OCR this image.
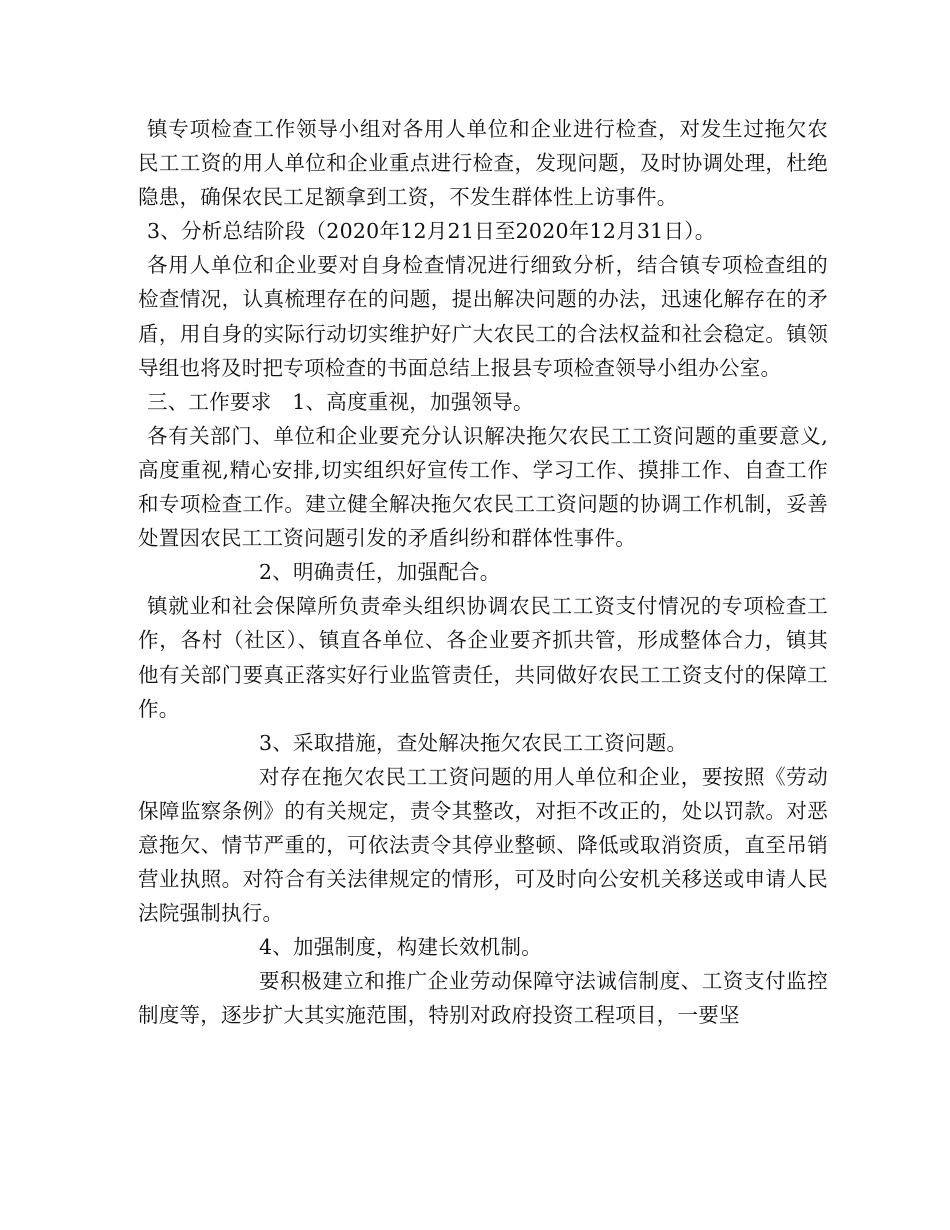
镇专项检查工作领导小组对各用人单位和企业进行检查，对发生过拖欠农民工工资的用人单位和企业重点进行检查，发现问题，及时协调处理，杜绝隐患，确保农民工足额拿到工资，不发生群体性上访事件。

3、分析总结阶段（2020年12月21日至2020年12月31日）。

各用人单位和企业要对自身检查情况进行细致分析，结合镇专项检查组的检查情况，认真梳理存在的问题，提出解决问题的办法，迅速化解存在的矛盾，用自身的实际行动切实维护好广大农民工的合法权益和社会稳定。镇领导组也将及时把专项检查的书面总结上报县专项检查领导小组办公室。

三、工作要求　1、高度重视，加强领导。

各有关部门、单位和企业要充分认识解决拖欠农民工工资问题的重要意义,高度重视,精心安排,切实组织好宣传工作、学习工作、摸排工作、自查工作和专项检查工作。建立健全解决拖欠农民工工资问题的协调工作机制，妥善处置因农民工工资问题引发的矛盾纠纷和群体性事件。

2、明确责任，加强配合。

镇就业和社会保障所负责牵头组织协调农民工工资支付情况的专项检查工作，各村（社区）、镇直各单位、各企业要齐抓共管，形成整体合力，镇其他有关部门要真正落实好行业监管责任，共同做好农民工工资支付的保障工作。

3、采取措施，查处解决拖欠农民工工资问题。

对存在拖欠农民工工资问题的用人单位和企业，要按照《劳动保障监察条例》的有关规定，责令其整改，对拒不改正的，处以罚款。对恶意拖欠、情节严重的，可依法责令其停业整顿、降低或取消资质，直至吊销营业执照。对符合有关法律规定的情形，可及时向公安机关移送或申请人民法院强制执行。

4、加强制度，构建长效机制。

要积极建立和推广企业劳动保障守法诚信制度、工资支付监控制度等，逐步扩大其实施范围，特别对政府投资工程项目，一要坚
